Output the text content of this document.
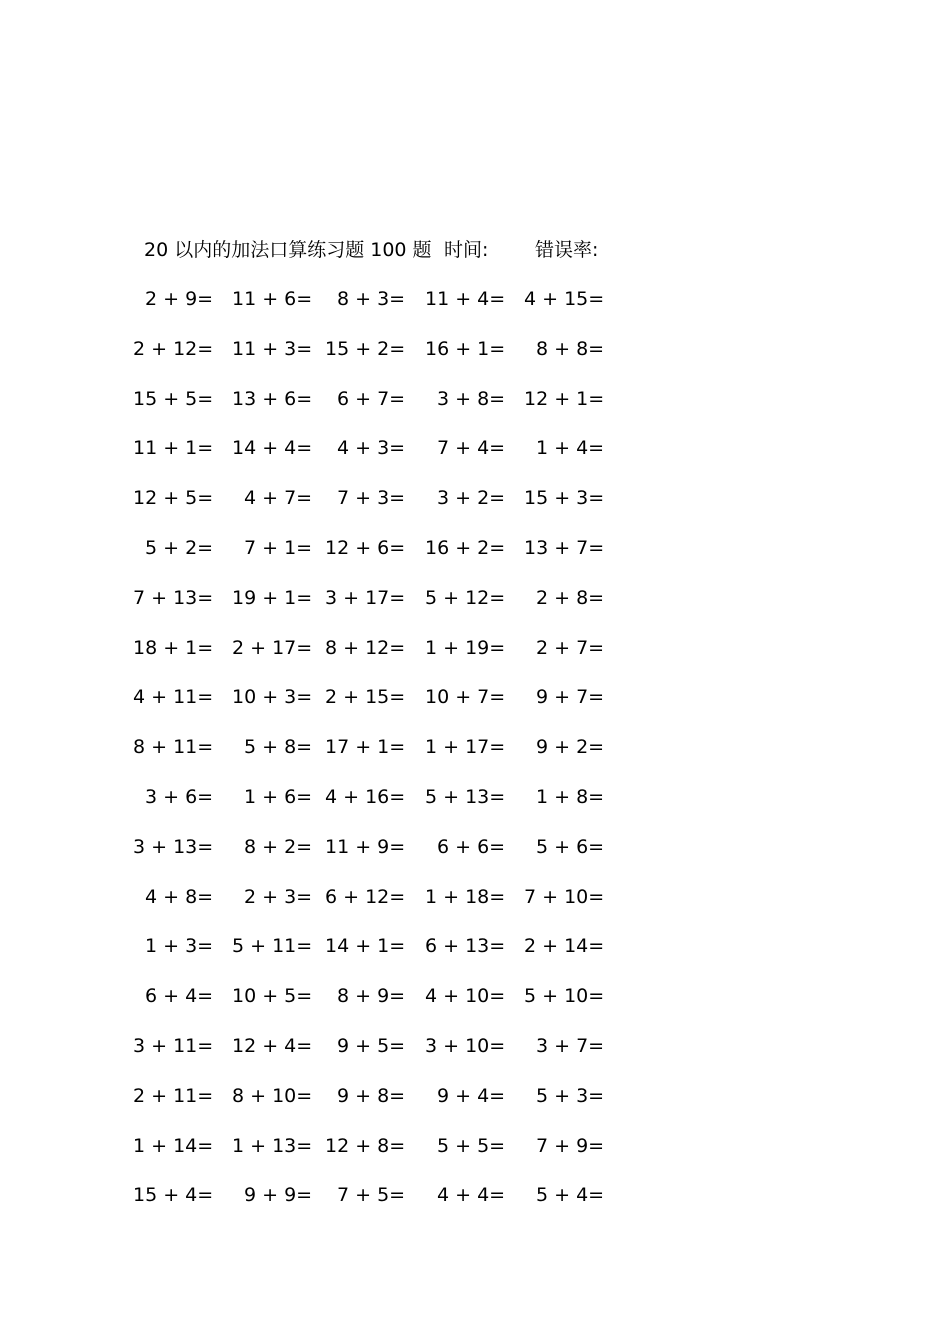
20 以内的加法口算练习题 100 题 时间: 错误率:
2 + 9= 11 + 6= 8 + 3= 11 + 4= 4 + 15=
2 + 12= 11 + 3= 15 + 2= 16 + 1= 8 + 8=
15 + 5= 13 + 6= 6 + 7= 3 + 8= 12 + 1=
11 + 1= 14 + 4= 4 + 3= 7 + 4= 1 + 4=
12 + 5= 4 + 7= 7 + 3= 3 + 2= 15 + 3=
5 + 2= 7 + 1= 12 + 6= 16 + 2= 13 + 7=
7 + 13= 19 + 1= 3 + 17= 5 + 12= 2 + 8=
18 + 1= 2 + 17= 8 + 12= 1 + 19= 2 + 7=
4 + 11= 10 + 3= 2 + 15= 10 + 7= 9 + 7=
8 + 11= 5 + 8= 17 + 1= 1 + 17= 9 + 2=
3 + 6= 1 + 6= 4 + 16= 5 + 13= 1 + 8=
3 + 13= 8 + 2= 11 + 9= 6 + 6= 5 + 6=
4 + 8= 2 + 3= 6 + 12= 1 + 18= 7 + 10=
1 + 3= 5 + 11= 14 + 1= 6 + 13= 2 + 14=
6 + 4= 10 + 5= 8 + 9= 4 + 10= 5 + 10=
3 + 11= 12 + 4= 9 + 5= 3 + 10= 3 + 7=
2 + 11= 8 + 10= 9 + 8= 9 + 4= 5 + 3=
1 + 14= 1 + 13= 12 + 8= 5 + 5= 7 + 9=
15 + 4= 9 + 9= 7 + 5= 4 + 4= 5 + 4=
